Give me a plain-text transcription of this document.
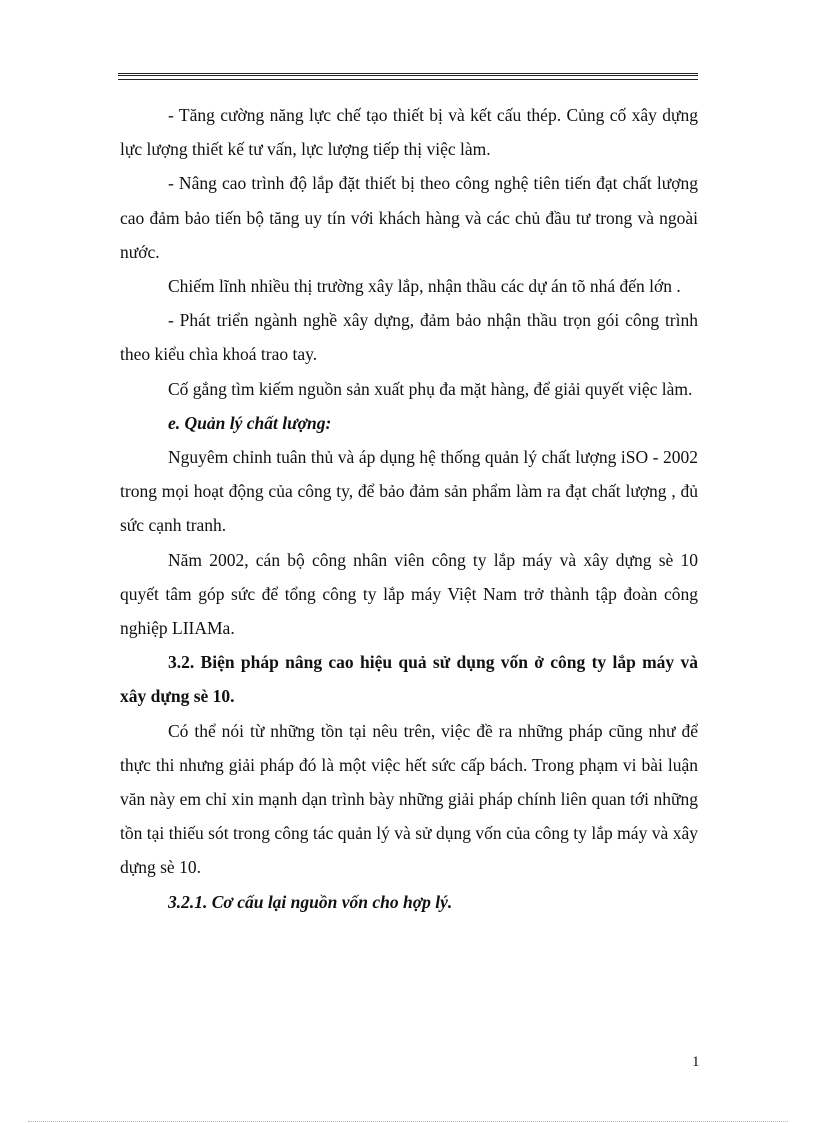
- Tăng cường năng lực chế tạo thiết bị và kết cấu thép. Củng cố xây dựng lực lượng thiết kế tư vấn, lực lượng tiếp thị việc làm.

- Nâng cao trình độ lắp đặt thiết bị theo công nghệ tiên tiến đạt chất lượng cao đảm bảo tiến bộ tăng uy tín với khách hàng và các chủ đầu tư trong và ngoài nước.

Chiếm lĩnh nhiều thị trường xây lắp, nhận thầu các dự án tõ nhá đến lớn .

- Phát triển ngành nghề xây dựng, đảm bảo nhận thầu trọn gói công trình theo kiểu chìa khoá trao tay.

Cố gắng tìm kiếm nguồn sản xuất phụ đa mặt hàng, để giải quyết việc làm.

e. Quản lý chất lượng:

Nguyêm chỉnh tuân thủ và áp dụng hệ thống quản lý chất lượng iSO - 2002 trong mọi hoạt động của công ty, để bảo đảm sản phẩm làm ra đạt chất lượng , đủ sức cạnh tranh.

Năm 2002, cán bộ công nhân viên công ty lắp máy và xây dựng sè 10 quyết tâm góp sức để tổng công ty lắp máy Việt Nam trở thành tập đoàn công nghiệp LIIAMa.

3.2. Biện pháp nâng cao hiệu quả sử dụng vốn ở công ty lắp máy và xây dựng sè 10.

Có thể nói từ những tồn tại nêu trên, việc đề ra những pháp cũng như để thực thi nhưng giải pháp đó là một việc hết sức cấp bách. Trong phạm vi bài luận văn này em chỉ xin mạnh dạn trình bày những giải pháp chính liên quan tới những tồn tại thiếu sót trong công tác quản lý và sử dụng vốn của công ty lắp máy và xây dựng sè 10.

3.2.1. Cơ cấu lại nguồn vốn cho hợp lý.

1
